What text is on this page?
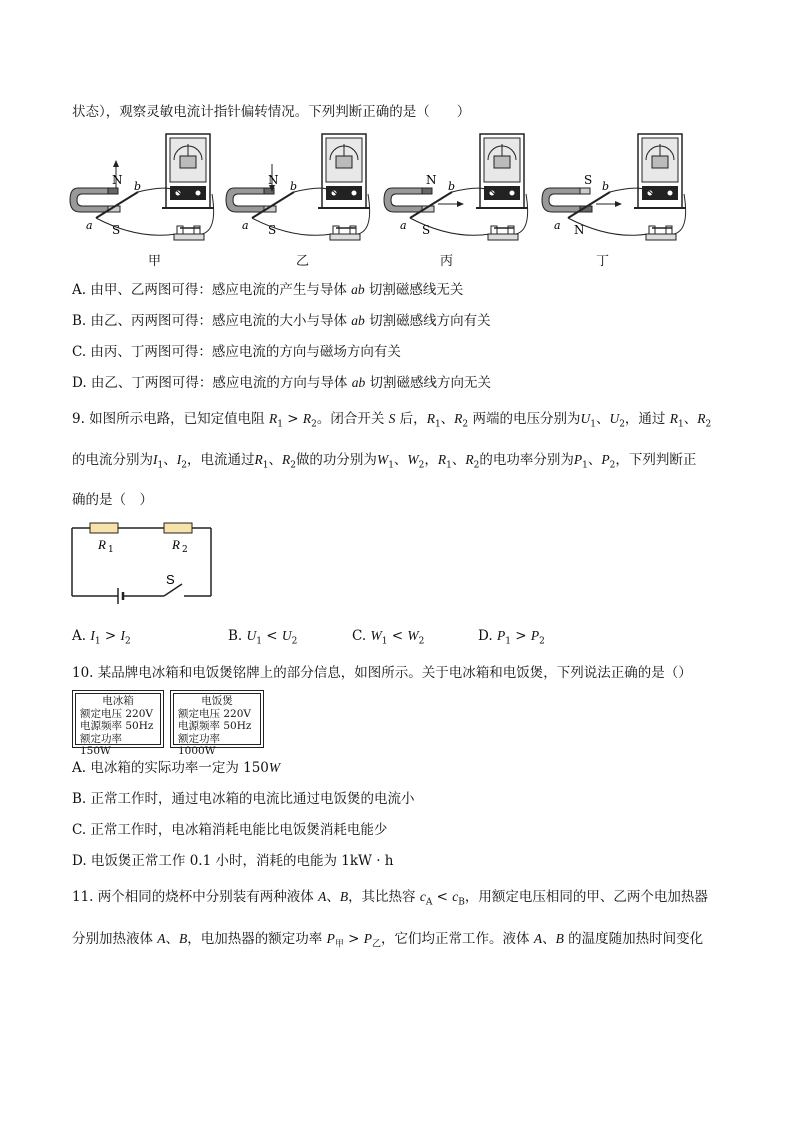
状态），观察灵敏电流计指针偏转情况。下列判断正确的是（　　）
N
S
a
b	N
S
a
b	N
S
a
b	S
N
a
b
甲	乙	丙	丁
A. 由甲、乙两图可得：感应电流的产生与导体 ab 切割磁感线无关
B. 由乙、丙两图可得：感应电流的大小与导体 ab 切割磁感线方向有关
C. 由丙、丁两图可得：感应电流的方向与磁场方向有关
D. 由乙、丁两图可得：感应电流的方向与导体 ab 切割磁感线方向无关
9. 如图所示电路，已知定值电阻 $R_1 > R_2$。闭合开关 S 后，$R_1$、$R_2$ 两端的电压分别为$U_1$、$U_2$，通过 $R_1$、$R_2$
的电流分别为$I_1$、$I_2$，电流通过$R_1$、$R_2$做的功分别为$W_1$、$W_2$，$R_1$、$R_2$的电功率分别为$P_1$、$P_2$，下列判断正
确的是（　）
R 1	R 2
S
A. $I_1 > I_2$	B. $U_1 < U_2$	C. $W_1 < W_2$	D. $P_1 > P_2$
10. 某品牌电冰箱和电饭煲铭牌上的部分信息，如图所示。关于电冰箱和电饭煲，下列说法正确的是（）
电冰箱
额定电压 220V
电源频率 50Hz
额定功率 150W
电饭煲
额定电压 220V
电源频率 50Hz
额定功率 1000W
A. 电冰箱的实际功率一定为 150W
B. 正常工作时，通过电冰箱的电流比通过电饭煲的电流小
C. 正常工作时，电冰箱消耗电能比电饭煲消耗电能少
D. 电饭煲正常工作 0.1 小时，消耗的电能为 1kW · h
11. 两个相同的烧杯中分别装有两种液体 A、B，其比热容 $c_A < c_B$，用额定电压相同的甲、乙两个电加热器
分别加热液体 A、B，电加热器的额定功率 $P_甲 > P_乙$，它们均正常工作。液体 A、B 的温度随加热时间变化
